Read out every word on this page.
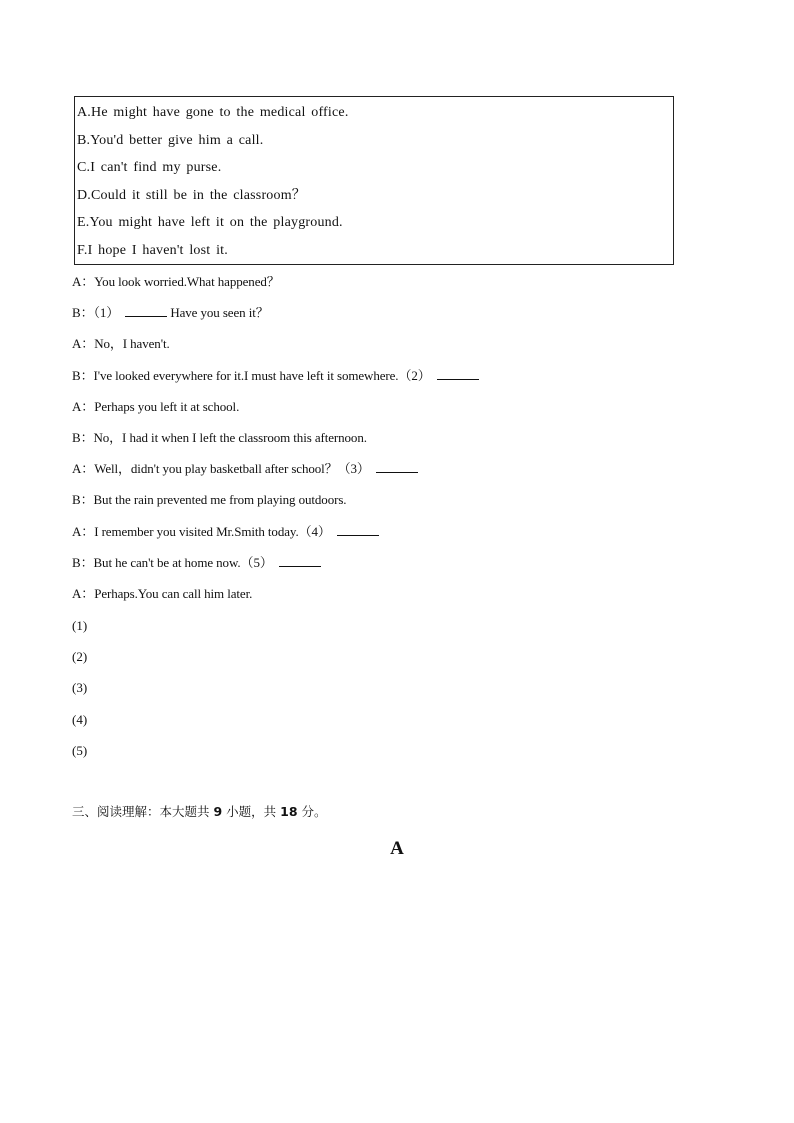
A.He might have gone to the medical office.
B.You'd better give him a call.
C.I can't find my purse.
D.Could it still be in the classroom？
E.You might have left it on the playground.
F.I hope I haven't lost it.
A：You look worried.What happened？
B：（1）	Have you seen it？
A：No，I haven't.
B：I've looked everywhere for it.I must have left it somewhere.（2）
A：Perhaps you left it at school.
B：No，I had it when I left the classroom this afternoon.
A：Well，didn't you play basketball after school？（3）
B：But the rain prevented me from playing outdoors.
A：I remember you visited Mr.Smith today.（4）
B：But he can't be at home now.（5）
A：Perhaps.You can call him later.
(1)
(2)
(3)
(4)
(5)
三、阅读理解：本大题共 9 小题，共 18 分。
A
